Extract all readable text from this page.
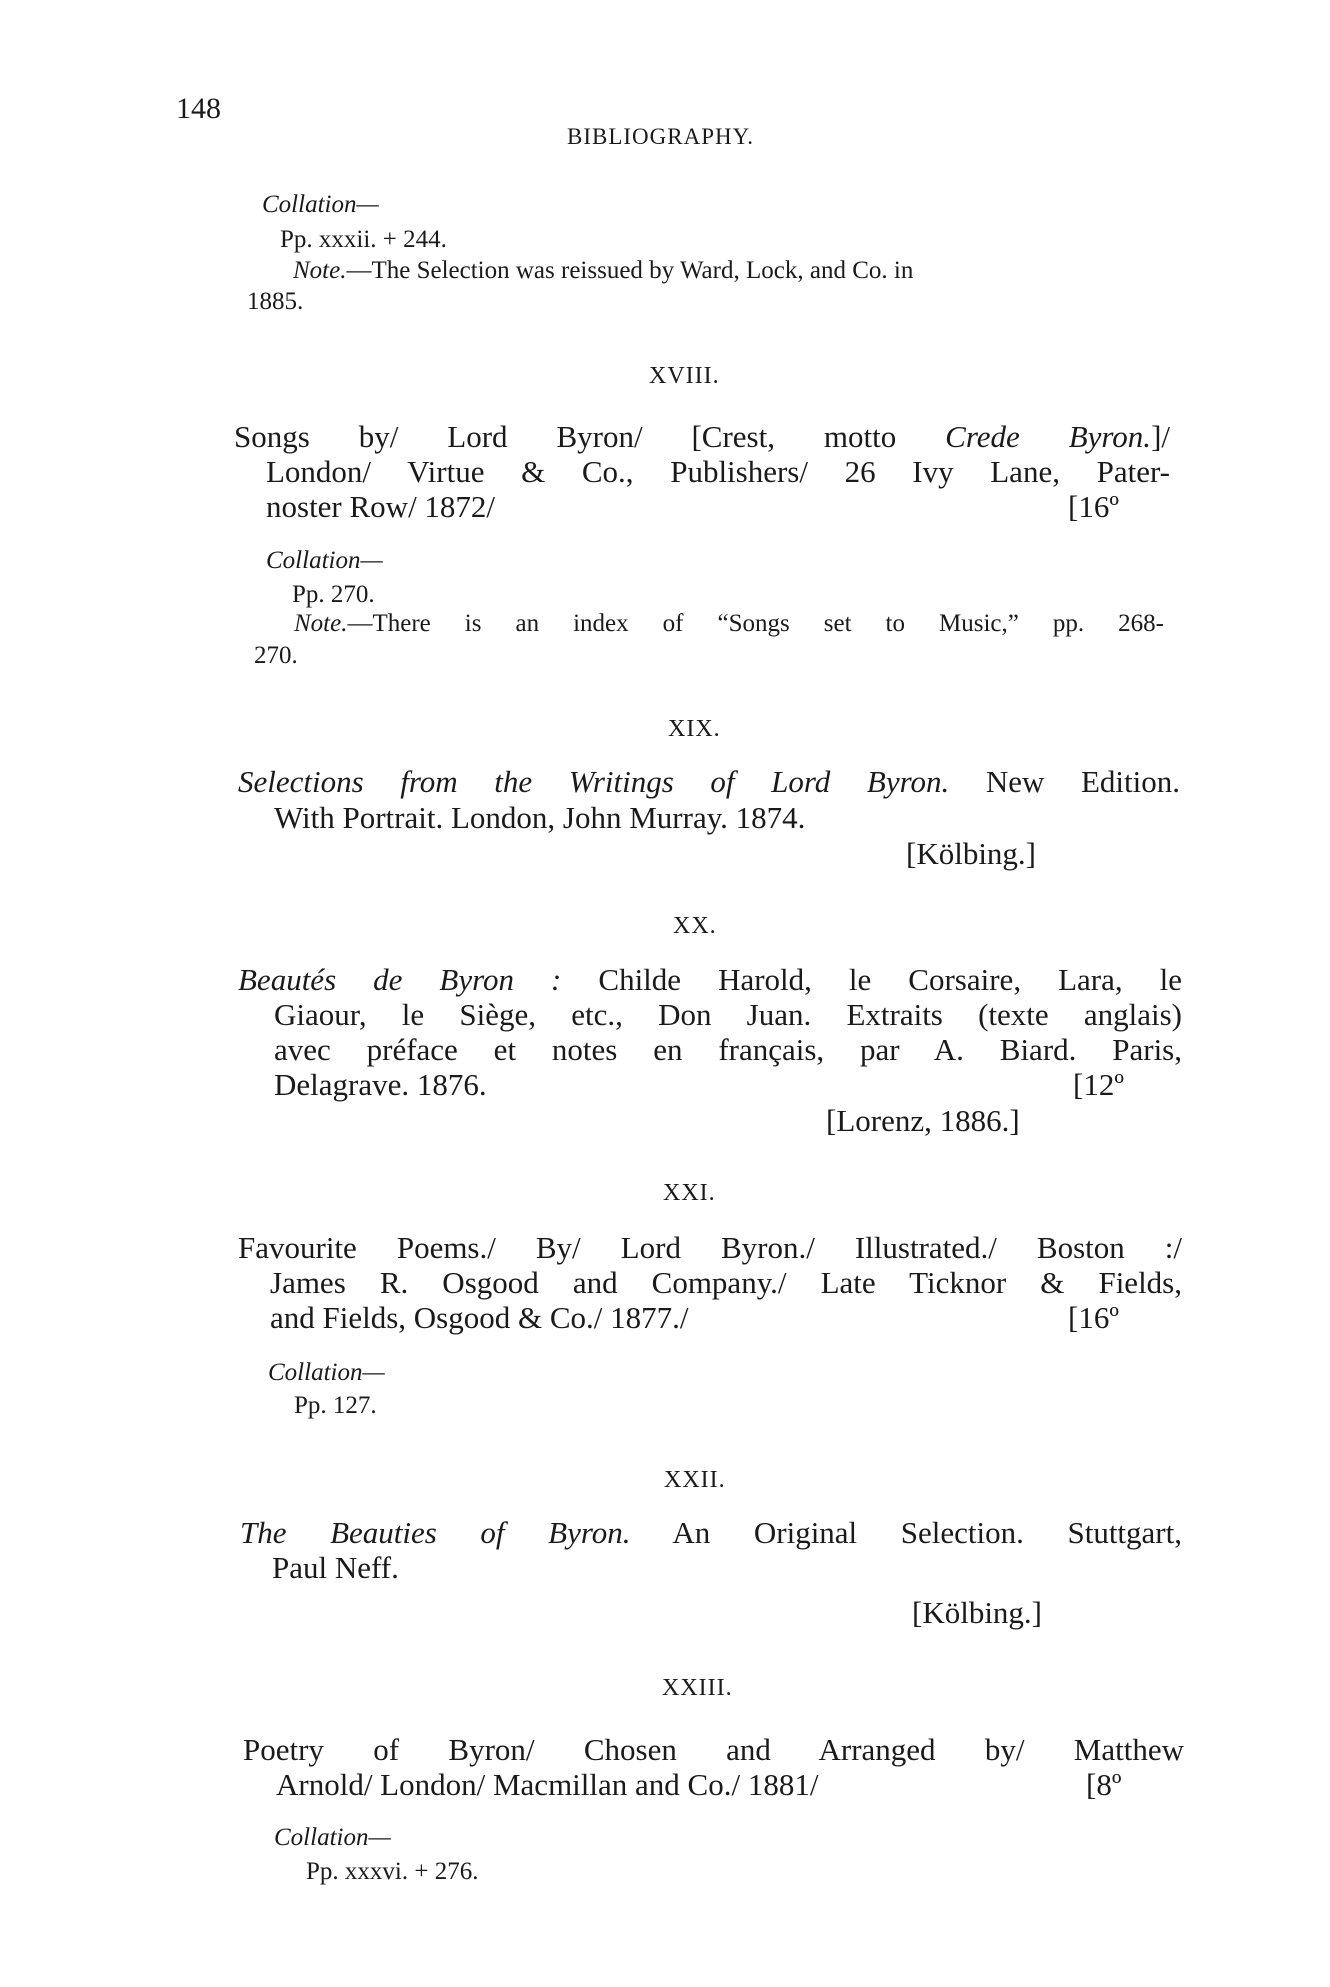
148
BIBLIOGRAPHY.
Collation—
Pp. xxxii. + 244.
Note.—The Selection was reissued by Ward, Lock, and Co. in
1885.
XVIII.
Songs by/ Lord Byron/ [Crest, motto Crede Byron.]/
London/ Virtue & Co., Publishers/ 26 Ivy Lane, Pater-
noster Row/ 1872/	[16º
Collation—
Pp. 270.
Note.—There is an index of “Songs set to Music,” pp. 268-
270.
XIX.
Selections from the Writings of Lord Byron. New Edition.
With Portrait. London, John Murray. 1874.
[Kölbing.]
XX.
Beautés de Byron : Childe Harold, le Corsaire, Lara, le
Giaour, le Siège, etc., Don Juan. Extraits (texte anglais)
avec préface et notes en français, par A. Biard. Paris,
Delagrave. 1876.	[12º
[Lorenz, 1886.]
XXI.
Favourite Poems./ By/ Lord Byron./ Illustrated./ Boston :/
James R. Osgood and Company./ Late Ticknor & Fields,
and Fields, Osgood & Co./ 1877./	[16º
Collation—
Pp. 127.
XXII.
The Beauties of Byron. An Original Selection. Stuttgart,
Paul Neff.
[Kölbing.]
XXIII.
Poetry of Byron/ Chosen and Arranged by/ Matthew
Arnold/ London/ Macmillan and Co./ 1881/	[8º
Collation—
Pp. xxxvi. + 276.
